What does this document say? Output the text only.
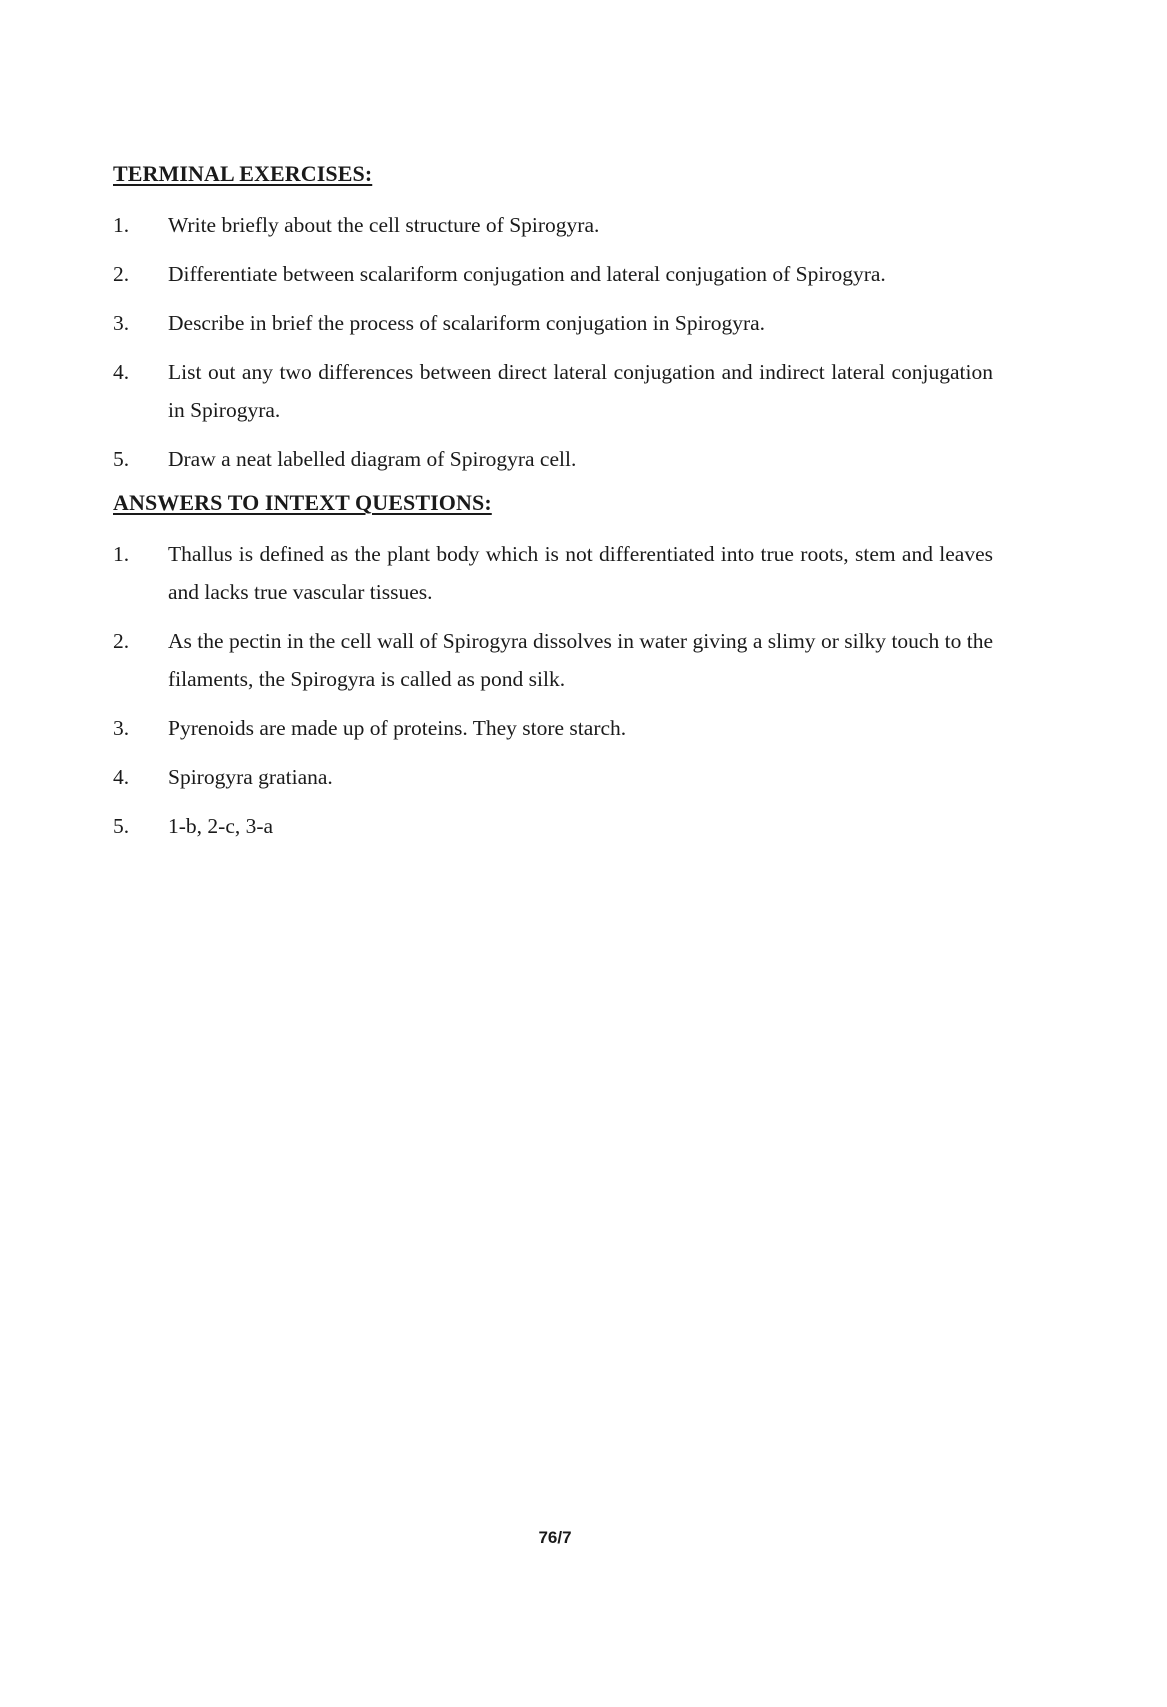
TERMINAL EXERCISES:
1.	Write briefly about the cell structure of Spirogyra.
2.	Differentiate between scalariform conjugation and lateral conjugation of Spirogyra.
3.	Describe in brief the process of scalariform conjugation in Spirogyra.
4.	List out any two differences between direct lateral conjugation and indirect lateral conjugation in Spirogyra.
5.	Draw a neat labelled diagram of Spirogyra cell.
ANSWERS TO INTEXT QUESTIONS:
1.	Thallus is defined as the plant body which is not differentiated into true roots, stem and leaves and lacks true vascular tissues.
2.	As the pectin in the cell wall of Spirogyra dissolves in water giving a slimy or silky touch to the filaments, the Spirogyra is called as pond silk.
3.	Pyrenoids are made up of proteins. They store starch.
4.	Spirogyra gratiana.
5.	1-b, 2-c, 3-a
76/7
